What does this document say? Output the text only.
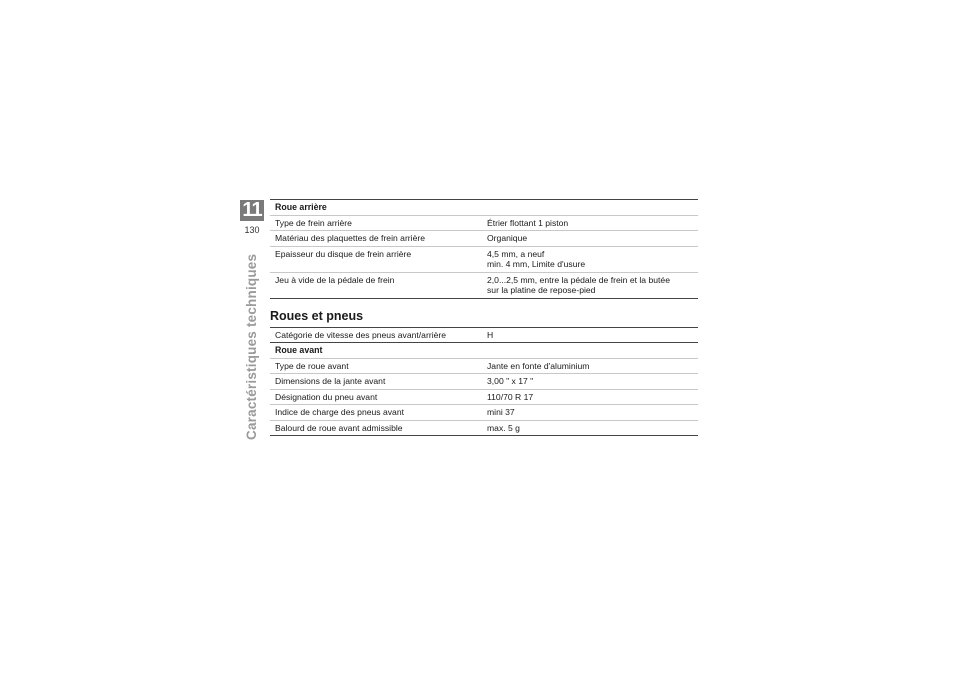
11
130
Caractéristiques techniques
Roue arrière
Type de frein arrière	Étrier flottant 1 piston
Matériau des plaquettes de frein arrière	Organique
Epaisseur du disque de frein arrière	4,5 mm, a neuf
min. 4 mm, Limite d'usure
Jeu à vide de la pédale de frein	2,0...2,5 mm, entre la pédale de frein et la butée
sur la platine de repose-pied
Roues et pneus
Catégorie de vitesse des pneus avant/arrière	H
Roue avant
Type de roue avant	Jante en fonte d'aluminium
Dimensions de la jante avant	3,00 " x 17 "
Désignation du pneu avant	110/70 R 17
Indice de charge des pneus avant	mini 37
Balourd de roue avant admissible	max. 5 g
